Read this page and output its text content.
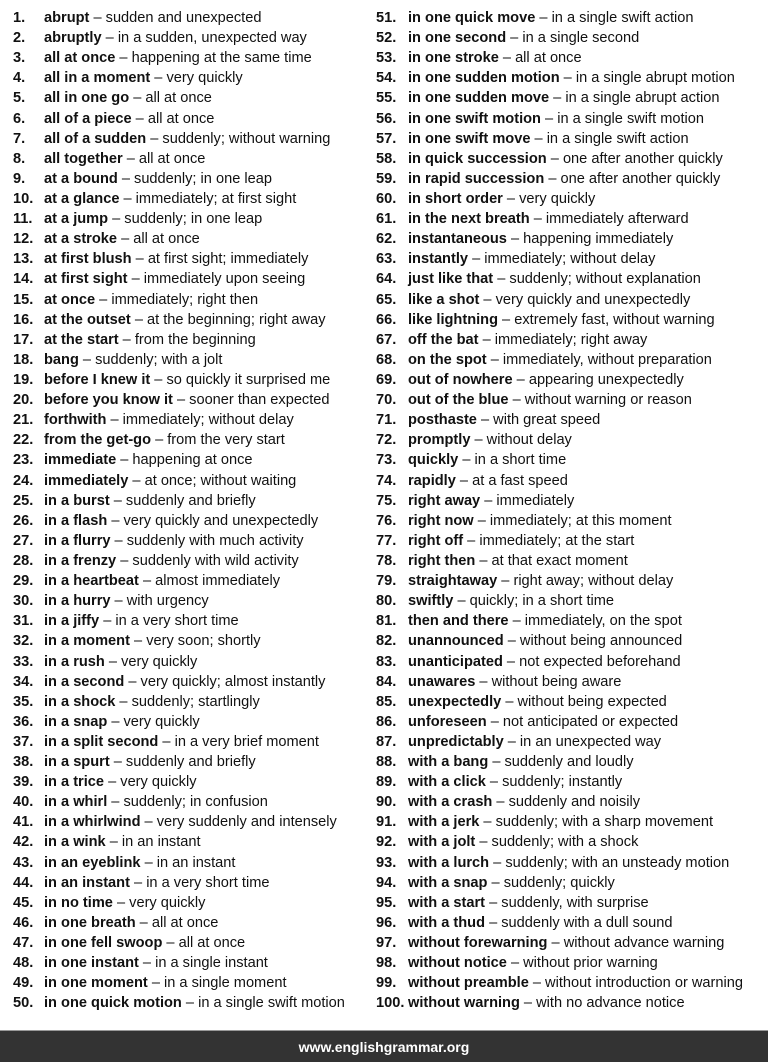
1. abrupt – sudden and unexpected
2. abruptly – in a sudden, unexpected way
3. all at once – happening at the same time
4. all in a moment – very quickly
5. all in one go – all at once
6. all of a piece – all at once
7. all of a sudden – suddenly; without warning
8. all together – all at once
9. at a bound – suddenly; in one leap
10. at a glance – immediately; at first sight
11. at a jump – suddenly; in one leap
12. at a stroke – all at once
13. at first blush – at first sight; immediately
14. at first sight – immediately upon seeing
15. at once – immediately; right then
16. at the outset – at the beginning; right away
17. at the start – from the beginning
18. bang – suddenly; with a jolt
19. before I knew it – so quickly it surprised me
20. before you know it – sooner than expected
21. forthwith – immediately; without delay
22. from the get-go – from the very start
23. immediate – happening at once
24. immediately – at once; without waiting
25. in a burst – suddenly and briefly
26. in a flash – very quickly and unexpectedly
27. in a flurry – suddenly with much activity
28. in a frenzy – suddenly with wild activity
29. in a heartbeat – almost immediately
30. in a hurry – with urgency
31. in a jiffy – in a very short time
32. in a moment – very soon; shortly
33. in a rush – very quickly
34. in a second – very quickly; almost instantly
35. in a shock – suddenly; startlingly
36. in a snap – very quickly
37. in a split second – in a very brief moment
38. in a spurt – suddenly and briefly
39. in a trice – very quickly
40. in a whirl – suddenly; in confusion
41. in a whirlwind – very suddenly and intensely
42. in a wink – in an instant
43. in an eyeblink – in an instant
44. in an instant – in a very short time
45. in no time – very quickly
46. in one breath – all at once
47. in one fell swoop – all at once
48. in one instant – in a single instant
49. in one moment – in a single moment
50. in one quick motion – in a single swift motion
51. in one quick move – in a single swift action
52. in one second – in a single second
53. in one stroke – all at once
54. in one sudden motion – in a single abrupt motion
55. in one sudden move – in a single abrupt action
56. in one swift motion – in a single swift motion
57. in one swift move – in a single swift action
58. in quick succession – one after another quickly
59. in rapid succession – one after another quickly
60. in short order – very quickly
61. in the next breath – immediately afterward
62. instantaneous – happening immediately
63. instantly – immediately; without delay
64. just like that – suddenly; without explanation
65. like a shot – very quickly and unexpectedly
66. like lightning – extremely fast, without warning
67. off the bat – immediately; right away
68. on the spot – immediately, without preparation
69. out of nowhere – appearing unexpectedly
70. out of the blue – without warning or reason
71. posthaste – with great speed
72. promptly – without delay
73. quickly – in a short time
74. rapidly – at a fast speed
75. right away – immediately
76. right now – immediately; at this moment
77. right off – immediately; at the start
78. right then – at that exact moment
79. straightaway – right away; without delay
80. swiftly – quickly; in a short time
81. then and there – immediately, on the spot
82. unannounced – without being announced
83. unanticipated – not expected beforehand
84. unawares – without being aware
85. unexpectedly – without being expected
86. unforeseen – not anticipated or expected
87. unpredictably – in an unexpected way
88. with a bang – suddenly and loudly
89. with a click – suddenly; instantly
90. with a crash – suddenly and noisily
91. with a jerk – suddenly; with a sharp movement
92. with a jolt – suddenly; with a shock
93. with a lurch – suddenly; with an unsteady motion
94. with a snap – suddenly; quickly
95. with a start – suddenly, with surprise
96. with a thud – suddenly with a dull sound
97. without forewarning – without advance warning
98. without notice – without prior warning
99. without preamble – without introduction or warning
100. without warning – with no advance notice
www.englishgrammar.org
